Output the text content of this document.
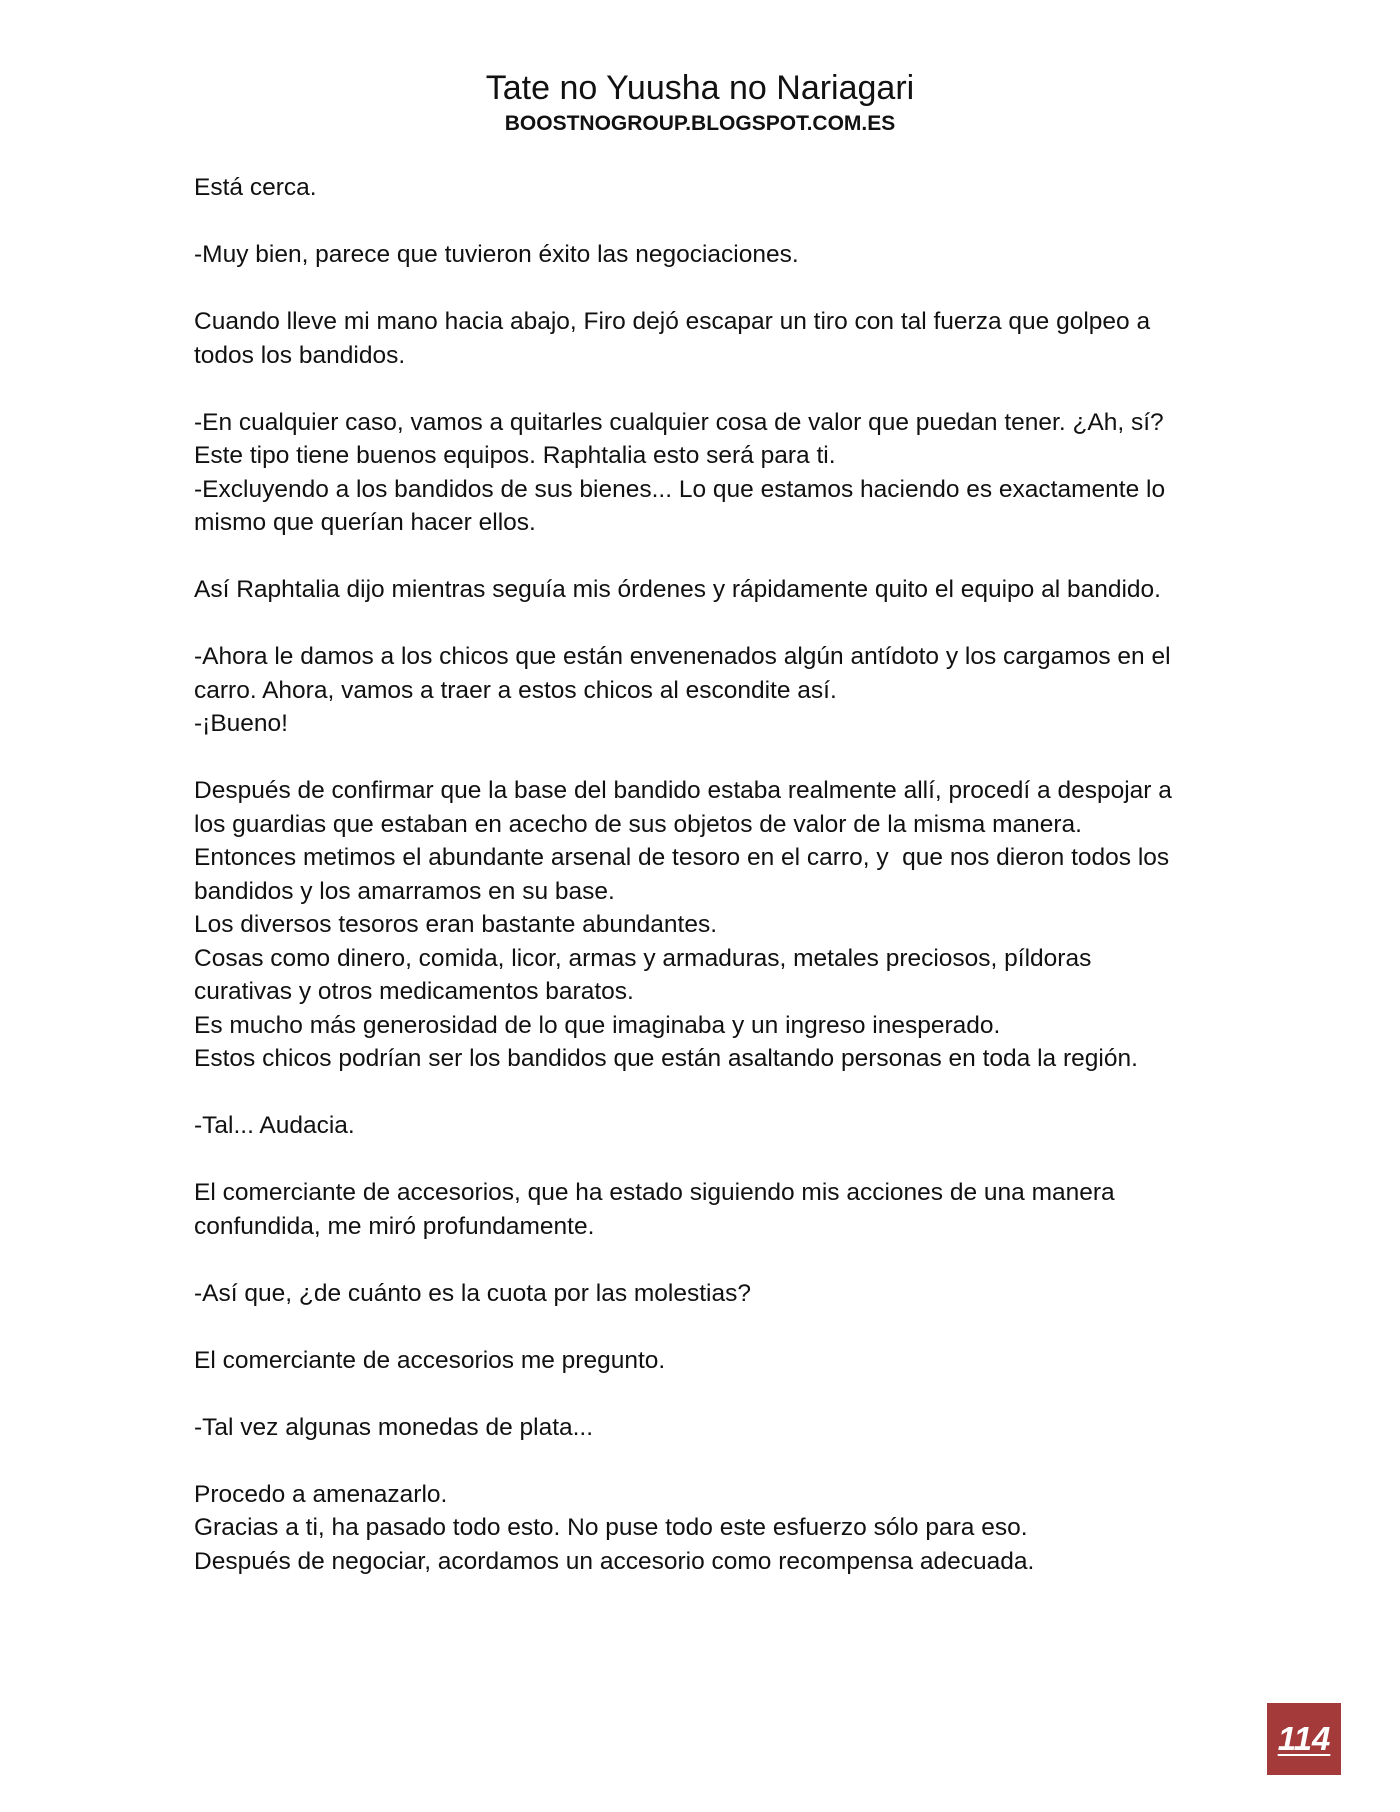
Tate no Yuusha no Nariagari
BOOSTNOGROUP.BLOGSPOT.COM.ES

Está cerca.

-Muy bien, parece que tuvieron éxito las negociaciones.

Cuando lleve mi mano hacia abajo, Firo dejó escapar un tiro con tal fuerza que golpeo a
todos los bandidos.

-En cualquier caso, vamos a quitarles cualquier cosa de valor que puedan tener. ¿Ah, sí?
Este tipo tiene buenos equipos. Raphtalia esto será para ti.
-Excluyendo a los bandidos de sus bienes... Lo que estamos haciendo es exactamente lo
mismo que querían hacer ellos.

Así Raphtalia dijo mientras seguía mis órdenes y rápidamente quito el equipo al bandido.

-Ahora le damos a los chicos que están envenenados algún antídoto y los cargamos en el
carro. Ahora, vamos a traer a estos chicos al escondite así.
-¡Bueno!

Después de confirmar que la base del bandido estaba realmente allí, procedí a despojar a
los guardias que estaban en acecho de sus objetos de valor de la misma manera.
Entonces metimos el abundante arsenal de tesoro en el carro, y  que nos dieron todos los
bandidos y los amarramos en su base.
Los diversos tesoros eran bastante abundantes.
Cosas como dinero, comida, licor, armas y armaduras, metales preciosos, píldoras
curativas y otros medicamentos baratos.
Es mucho más generosidad de lo que imaginaba y un ingreso inesperado.
Estos chicos podrían ser los bandidos que están asaltando personas en toda la región.

-Tal... Audacia.

El comerciante de accesorios, que ha estado siguiendo mis acciones de una manera
confundida, me miró profundamente.

-Así que, ¿de cuánto es la cuota por las molestias?

El comerciante de accesorios me pregunto.

-Tal vez algunas monedas de plata...

Procedo a amenazarlo.
Gracias a ti, ha pasado todo esto. No puse todo este esfuerzo sólo para eso.
Después de negociar, acordamos un accesorio como recompensa adecuada.

114
